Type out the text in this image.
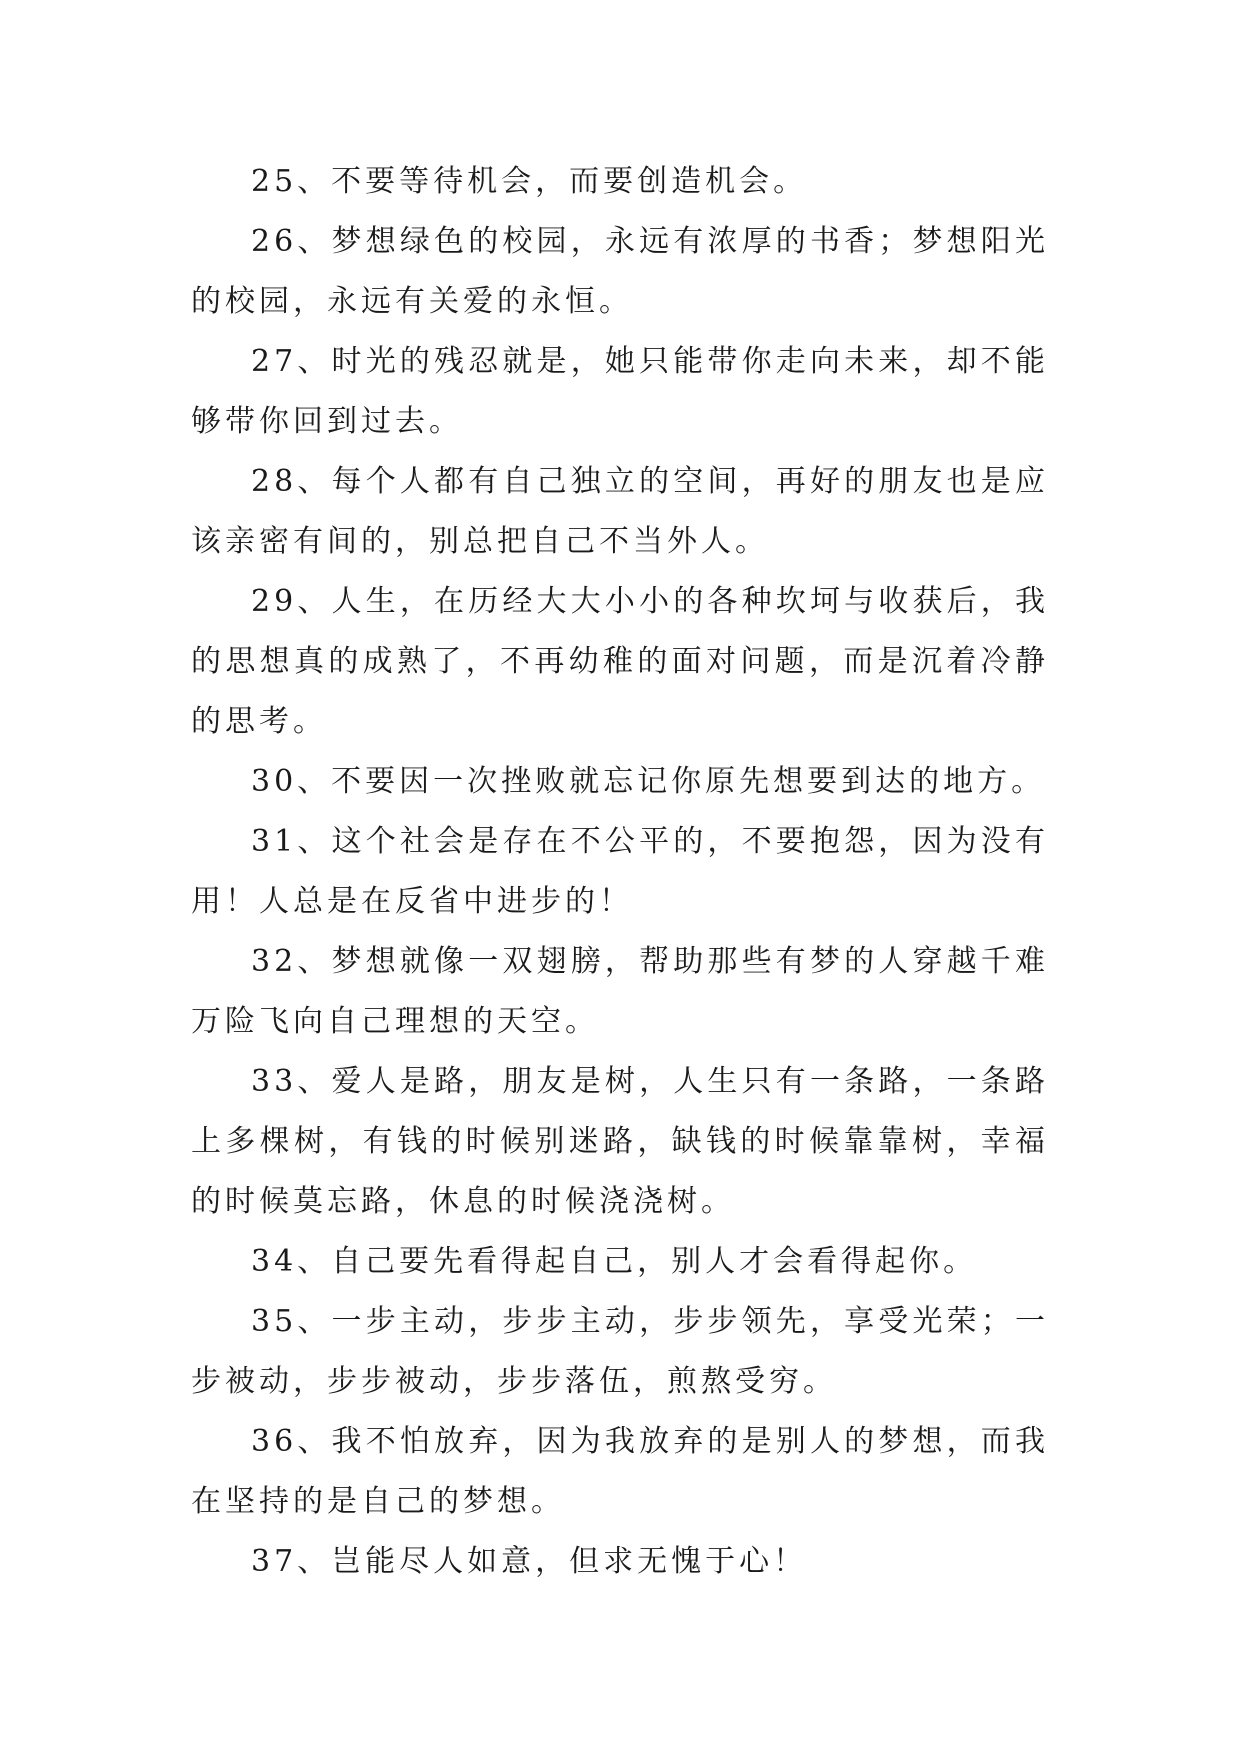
25、不要等待机会，而要创造机会。

26、梦想绿色的校园，永远有浓厚的书香；梦想阳光的校园，永远有关爱的永恒。

27、时光的残忍就是，她只能带你走向未来，却不能够带你回到过去。

28、每个人都有自己独立的空间，再好的朋友也是应该亲密有间的，别总把自己不当外人。

29、人生，在历经大大小小的各种坎坷与收获后，我的思想真的成熟了，不再幼稚的面对问题，而是沉着冷静的思考。

30、不要因一次挫败就忘记你原先想要到达的地方。

31、这个社会是存在不公平的，不要抱怨，因为没有用！人总是在反省中进步的！

32、梦想就像一双翅膀，帮助那些有梦的人穿越千难万险飞向自己理想的天空。

33、爱人是路，朋友是树，人生只有一条路，一条路上多棵树，有钱的时候别迷路，缺钱的时候靠靠树，幸福的时候莫忘路，休息的时候浇浇树。

34、自己要先看得起自己，别人才会看得起你。

35、一步主动，步步主动，步步领先，享受光荣；一步被动，步步被动，步步落伍，煎熬受穷。

36、我不怕放弃，因为我放弃的是别人的梦想，而我在坚持的是自己的梦想。

37、岂能尽人如意，但求无愧于心！
